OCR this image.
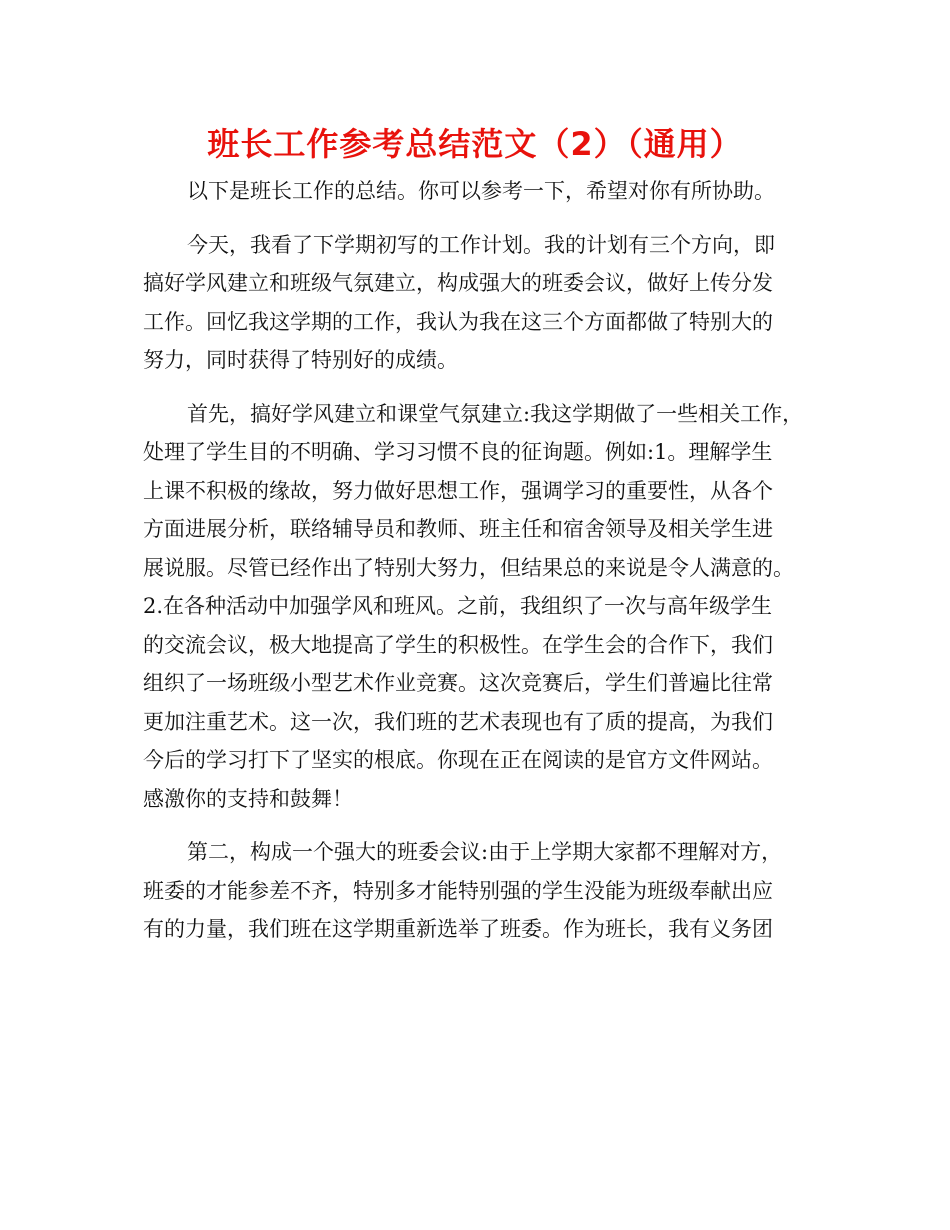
班长工作参考总结范文（2）（通用）
以下是班长工作的总结。你可以参考一下，希望对你有所协助。
今天，我看了下学期初写的工作计划。我的计划有三个方向，即
搞好学风建立和班级气氛建立，构成强大的班委会议，做好上传分发
工作。回忆我这学期的工作，我认为我在这三个方面都做了特别大的
努力，同时获得了特别好的成绩。
首先，搞好学风建立和课堂气氛建立:我这学期做了一些相关工作，
处理了学生目的不明确、学习习惯不良的征询题。例如:1。理解学生
上课不积极的缘故，努力做好思想工作，强调学习的重要性，从各个
方面进展分析，联络辅导员和教师、班主任和宿舍领导及相关学生进
展说服。尽管已经作出了特别大努力，但结果总的来说是令人满意的。
2.在各种活动中加强学风和班风。之前，我组织了一次与高年级学生
的交流会议，极大地提高了学生的积极性。在学生会的合作下，我们
组织了一场班级小型艺术作业竞赛。这次竞赛后，学生们普遍比往常
更加注重艺术。这一次，我们班的艺术表现也有了质的提高，为我们
今后的学习打下了坚实的根底。你现在正在阅读的是官方文件网站。
感激你的支持和鼓舞！
第二，构成一个强大的班委会议:由于上学期大家都不理解对方，
班委的才能参差不齐，特别多才能特别强的学生没能为班级奉献出应
有的力量，我们班在这学期重新选举了班委。作为班长，我有义务团
